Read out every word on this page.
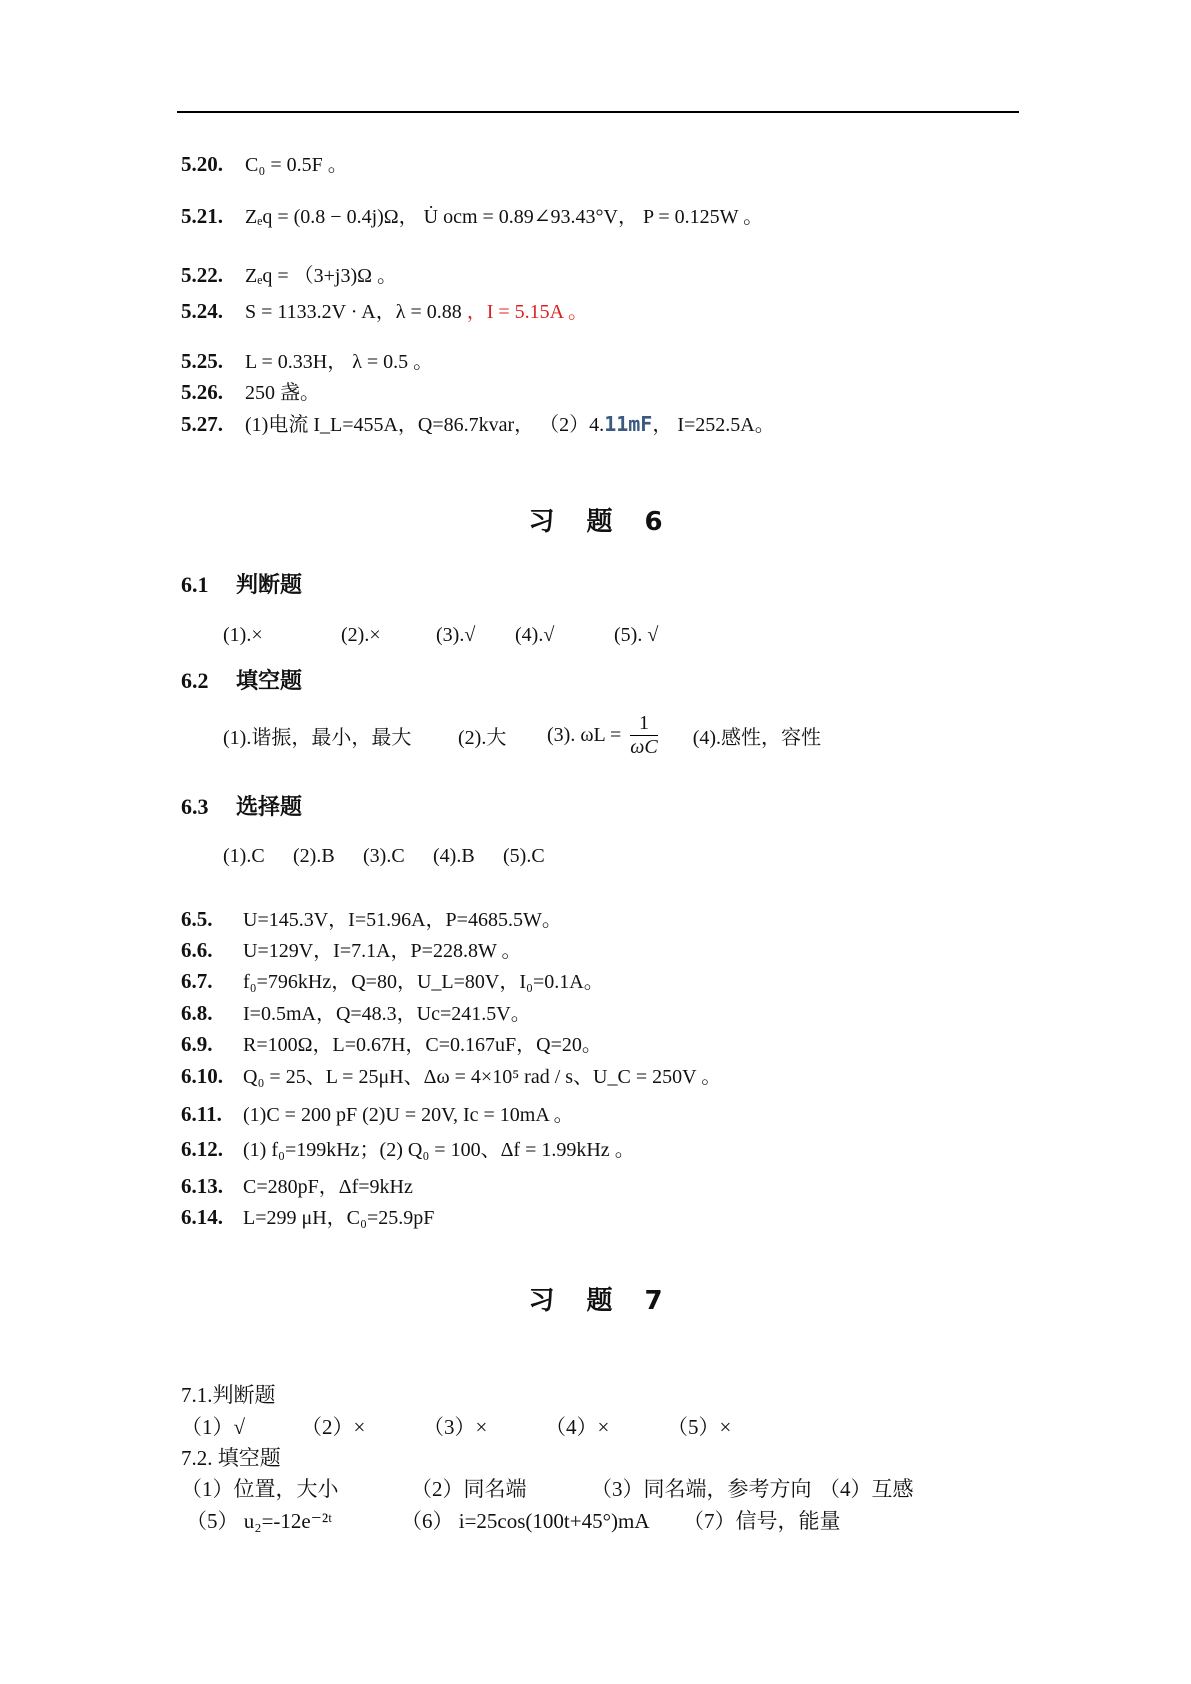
5.20. C₀ = 0.5F 。
5.21. Zₑq = (0.8 − 0.4j)Ω， U̇ ocm = 0.89∠93.43°V， P = 0.125W 。
5.22. Zₑq = （3+j3)Ω 。
5.24. S = 1133.2V · A，λ = 0.88 ，I = 5.15A 。
5.25. L = 0.33H， λ = 0.5 。
5.26. 250 盏。
5.27. (1)电流 I_L=455A，Q=86.7kvar， （2）4.11mF， I=252.5A。
习 题 6
6.1 判断题
(1).×	(2).×	(3).√ (4).√	(5). √
6.2 填空题
(1).谐振，最小，最大 (2).大 (3). $\omega L = \frac{1}{\omega C} (4)$.感性，容性
6.3 选择题
(1).C (2).B (3).C (4).B (5).C
6.5. U=145.3V，I=51.96A，P=4685.5W。
6.6. U=129V，I=7.1A，P=228.8W 。
6.7. f₀=796kHz，Q=80，U_L=80V，I₀=0.1A。
6.8. I=0.5mA，Q=48.3，Uc=241.5V。
6.9. R=100Ω，L=0.67H，C=0.167uF，Q=20。
6.10. Q₀ = 25、L = 25μH、Δω = 4×10⁵ rad / s、U_C = 250V 。
6.11. (1)C = 200 pF (2)U = 20V, Ic = 10mA 。
6.12. (1) f₀=199kHz；(2) Q₀ = 100、Δf = 1.99kHz 。
6.13. C=280pF，Δf=9kHz
6.14. L=299 μH，C₀=25.9pF
习 题 7
7.1.判断题
（1）√	（2）×	（3）×	（4）×	（5）×
7.2. 填空题
（1）位置，大小	（2）同名端	（3）同名端，参考方向 （4）互感
（5） u₂=-12e⁻²ᵗ	（6） i=25cos(100t+45°)mA （7）信号，能量
